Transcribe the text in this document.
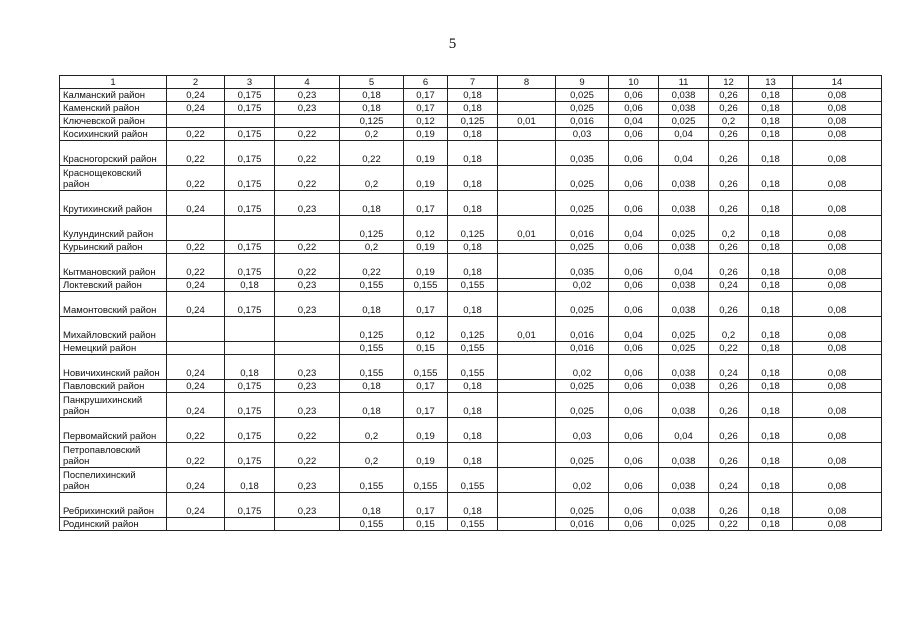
5
1	2	3	4	5	6	7	8	9	10	11	12	13	14
Калманский район	0,24	0,175	0,23	0,18	0,17	0,18		0,025	0,06	0,038	0,26	0,18	0,08
Каменский район	0,24	0,175	0,23	0,18	0,17	0,18		0,025	0,06	0,038	0,26	0,18	0,08
Ключевской район				0,125	0,12	0,125	0,01	0,016	0,04	0,025	0,2	0,18	0,08
Косихинский район	0,22	0,175	0,22	0,2	0,19	0,18		0,03	0,06	0,04	0,26	0,18	0,08
Красногорский район	0,22	0,175	0,22	0,22	0,19	0,18		0,035	0,06	0,04	0,26	0,18	0,08
Краснощековский район	0,22	0,175	0,22	0,2	0,19	0,18		0,025	0,06	0,038	0,26	0,18	0,08
Крутихинский район	0,24	0,175	0,23	0,18	0,17	0,18		0,025	0,06	0,038	0,26	0,18	0,08
Кулундинский район				0,125	0,12	0,125	0,01	0,016	0,04	0,025	0,2	0,18	0,08
Курьинский район	0,22	0,175	0,22	0,2	0,19	0,18		0,025	0,06	0,038	0,26	0,18	0,08
Кытмановский район	0,22	0,175	0,22	0,22	0,19	0,18		0,035	0,06	0,04	0,26	0,18	0,08
Локтевский район	0,24	0,18	0,23	0,155	0,155	0,155		0,02	0,06	0,038	0,24	0,18	0,08
Мамонтовский район	0,24	0,175	0,23	0,18	0,17	0,18		0,025	0,06	0,038	0,26	0,18	0,08
Михайловский район				0,125	0,12	0,125	0,01	0,016	0,04	0,025	0,2	0,18	0,08
Немецкий район				0,155	0,15	0,155		0,016	0,06	0,025	0,22	0,18	0,08
Новичихинский район	0,24	0,18	0,23	0,155	0,155	0,155		0,02	0,06	0,038	0,24	0,18	0,08
Павловский район	0,24	0,175	0,23	0,18	0,17	0,18		0,025	0,06	0,038	0,26	0,18	0,08
Панкрушихинский район	0,24	0,175	0,23	0,18	0,17	0,18		0,025	0,06	0,038	0,26	0,18	0,08
Первомайский район	0,22	0,175	0,22	0,2	0,19	0,18		0,03	0,06	0,04	0,26	0,18	0,08
Петропавловский район	0,22	0,175	0,22	0,2	0,19	0,18		0,025	0,06	0,038	0,26	0,18	0,08
Поспелихинский район	0,24	0,18	0,23	0,155	0,155	0,155		0,02	0,06	0,038	0,24	0,18	0,08
Ребрихинский район	0,24	0,175	0,23	0,18	0,17	0,18		0,025	0,06	0,038	0,26	0,18	0,08
Родинский район				0,155	0,15	0,155		0,016	0,06	0,025	0,22	0,18	0,08
